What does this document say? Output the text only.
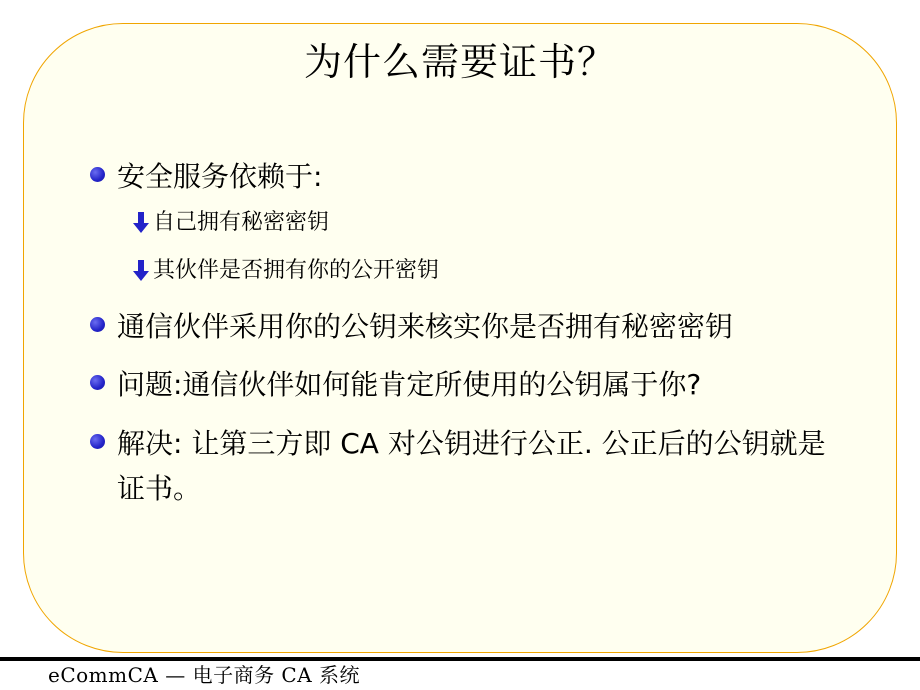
为什么需要证书？
安全服务依赖于:
自己拥有秘密密钥
其伙伴是否拥有你的公开密钥
通信伙伴采用你的公钥来核实你是否拥有秘密密钥
问题:通信伙伴如何能肯定所使用的公钥属于你?
解决: 让第三方即 CA 对公钥进行公正. 公正后的公钥就是证书。
eCommCA — 电子商务 CA 系统
